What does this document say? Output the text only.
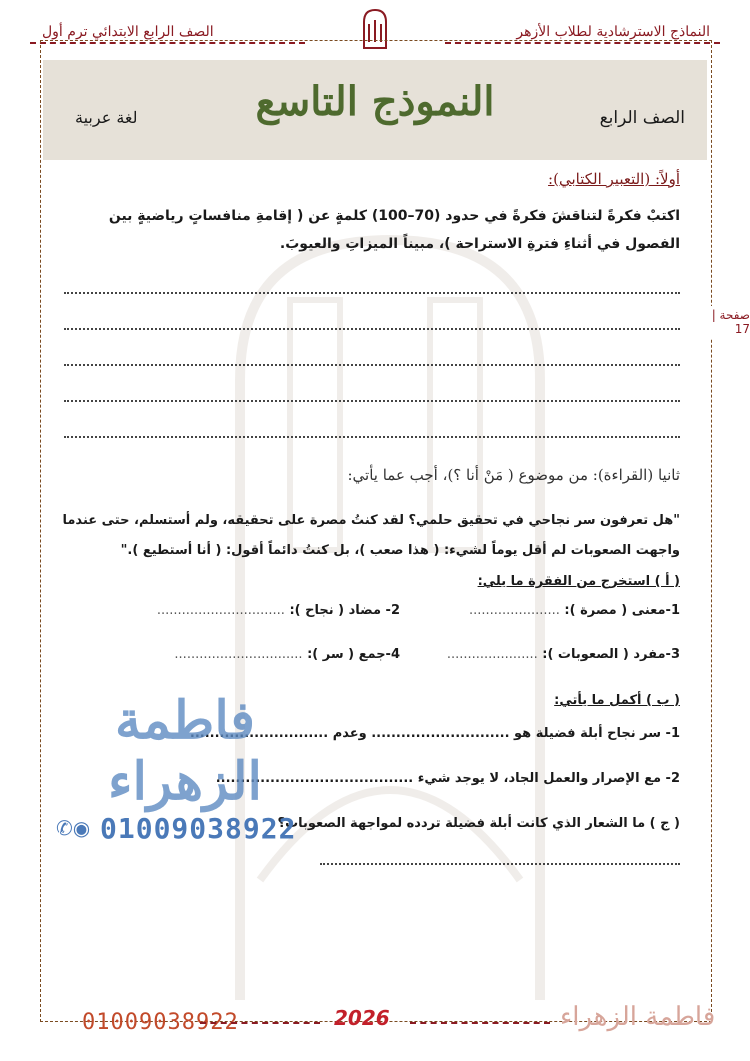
النماذج الاسترشادية لطلاب الأزهر
الصف الرابع الابتدائي ترم أول
النموذج التاسع	الصف الرابع
لغة عربية
صفحة | 17
أولاً: (التعبير الكتابي):
اكتبْ فكرةً لتناقشَ فكرةً في حدود (70–100) كلمةٍ عن ( إقامةِ منافساتٍ رياضيةٍ بين الفصول في أثناءِ فترةِ الاستراحة )، مبيناً الميزاتِ والعيوبَ.
ثانيا (القراءة): من موضوع ( مَنْ أنا ؟)، أجب عما يأتي:
"هل تعرفون سر نجاحي في تحقيق حلمي؟ لقد كنتُ مصرة على تحقيقه، ولم أستسلم، حتى عندما واجهت الصعوبات لم أقل يوماً لشيء: ( هذا صعب )، بل كنتُ دائماً أقول: ( أنا أستطيع )."
( أ ) استخرج من الفقرة ما يلي:
1-معنى ( مصرة ): ......................
2- مضاد ( نجاح ): ...............................
3-مفرد ( الصعوبات ): ......................
4-جمع ( سر ): ...............................
( ب ) أكمل ما يأتي:
1- سر نجاح أبلة فضيلة هو ............................ وعدم ............................
2- مع الإصرار والعمل الجاد، لا يوجد شيء ........................................
( ج ) ما الشعار الذي كانت أبلة فضيلة تردده لمواجهة الصعوبات؟
فاطمة الزهراء
✆◉ 01009038922
01009038922	2026	فاطمة الزهراء
